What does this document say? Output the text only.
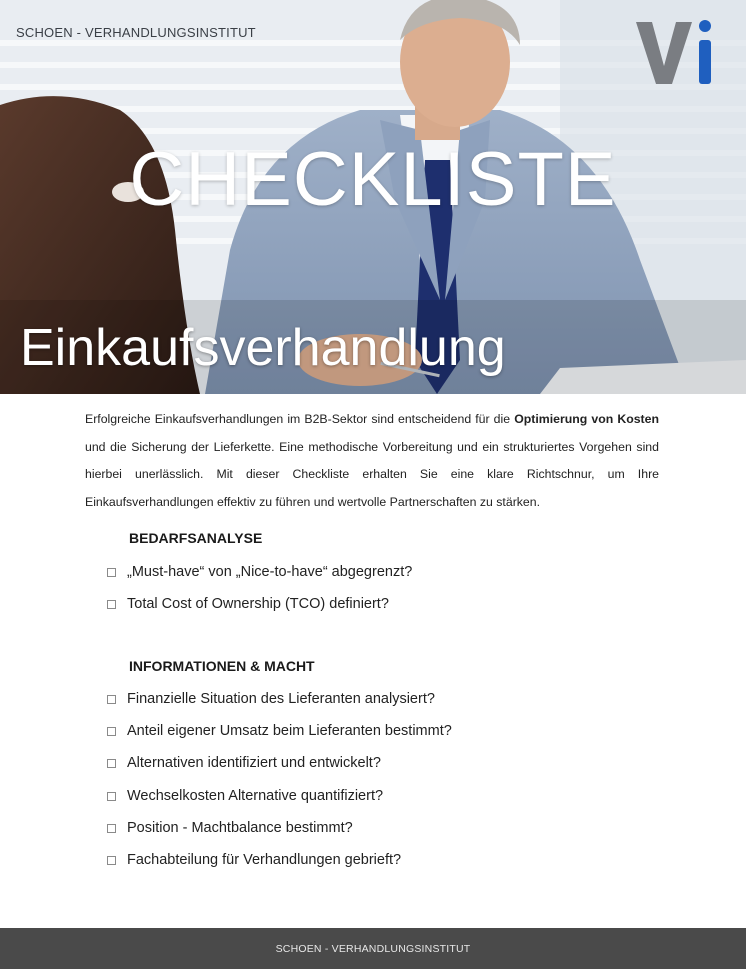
SCHOEN - VERHANDLUNGSINSTITUT
CHECKLISTE
Einkaufsverhandlung
Erfolgreiche Einkaufsverhandlungen im B2B-Sektor sind entscheidend für die Optimierung von Kosten und die Sicherung der Lieferkette. Eine methodische Vorbereitung und ein strukturiertes Vorgehen sind hierbei unerlässlich. Mit dieser Checkliste erhalten Sie eine klare Richtschnur, um Ihre Einkaufsverhandlungen effektiv zu führen und wertvolle Partnerschaften zu stärken.
BEDARFSANALYSE
„Must-have“ von „Nice-to-have“ abgegrenzt?
Total Cost of Ownership (TCO) definiert?
INFORMATIONEN & MACHT
Finanzielle Situation des Lieferanten analysiert?
Anteil eigener Umsatz beim Lieferanten bestimmt?
Alternativen identifiziert und entwickelt?
Wechselkosten Alternative quantifiziert?
Position - Machtbalance bestimmt?
Fachabteilung für Verhandlungen gebrieft?
SCHOEN - VERHANDLUNGSINSTITUT
